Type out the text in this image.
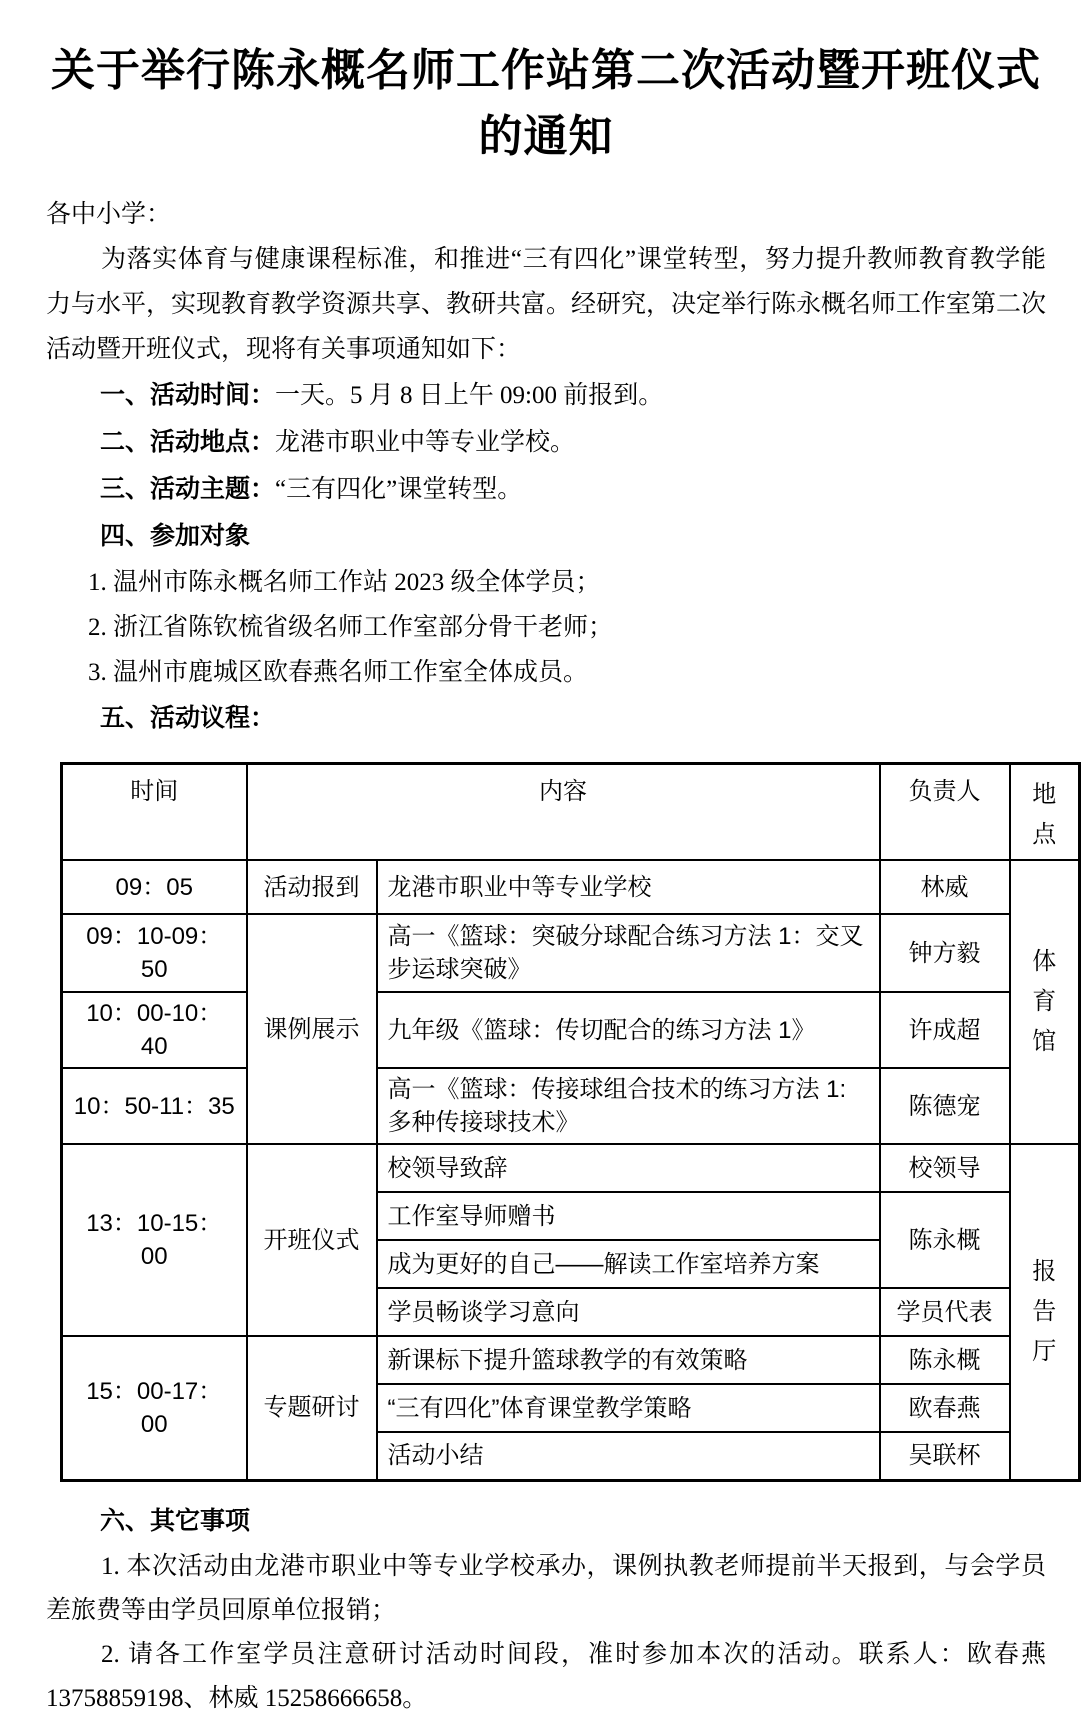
关于举行陈永概名师工作站第二次活动暨开班仪式
的通知

各中小学：

为落实体育与健康课程标准，和推进“三有四化”课堂转型，努力提升教师教育教学能力与水平，实现教育教学资源共享、教研共富。经研究，决定举行陈永概名师工作室第二次活动暨开班仪式，现将有关事项通知如下：

一、活动时间：一天。5 月 8 日上午 09:00 前报到。
二、活动地点：龙港市职业中等专业学校。
三、活动主题：“三有四化”课堂转型。
四、参加对象
1. 温州市陈永概名师工作站 2023 级全体学员；
2. 浙江省陈钦梳省级名师工作室部分骨干老师；
3. 温州市鹿城区欧春燕名师工作室全体成员。
五、活动议程：
时间	内容		负责人	地点
09：05	活动报到	龙港市职业中等专业学校	林威	体育馆
09：10-09：50	课例展示	高一《篮球：突破分球配合练习方法 1：交叉步运球突破》	钟方毅	
10：00-10：40		九年级《篮球：传切配合的练习方法 1》	许成超	
10：50-11：35		高一《篮球：传接球组合技术的练习方法 1:多种传接球技术》	陈德宠	
13：10-15：00	开班仪式	校领导致辞	校领导	报告厅
		工作室导师赠书	陈永概	
		成为更好的自己——解读工作室培养方案		
		学员畅谈学习意向	学员代表	
15：00-17：00	专题研讨	新课标下提升篮球教学的有效策略	陈永概	
		“三有四化”体育课堂教学策略	欧春燕	
		活动小结	吴联杯	
六、其它事项

1. 本次活动由龙港市职业中等专业学校承办，课例执教老师提前半天报到，与会学员差旅费等由学员回原单位报销；

2. 请各工作室学员注意研讨活动时间段，准时参加本次的活动。联系人：欧春燕 13758859198、林威 15258666658。
